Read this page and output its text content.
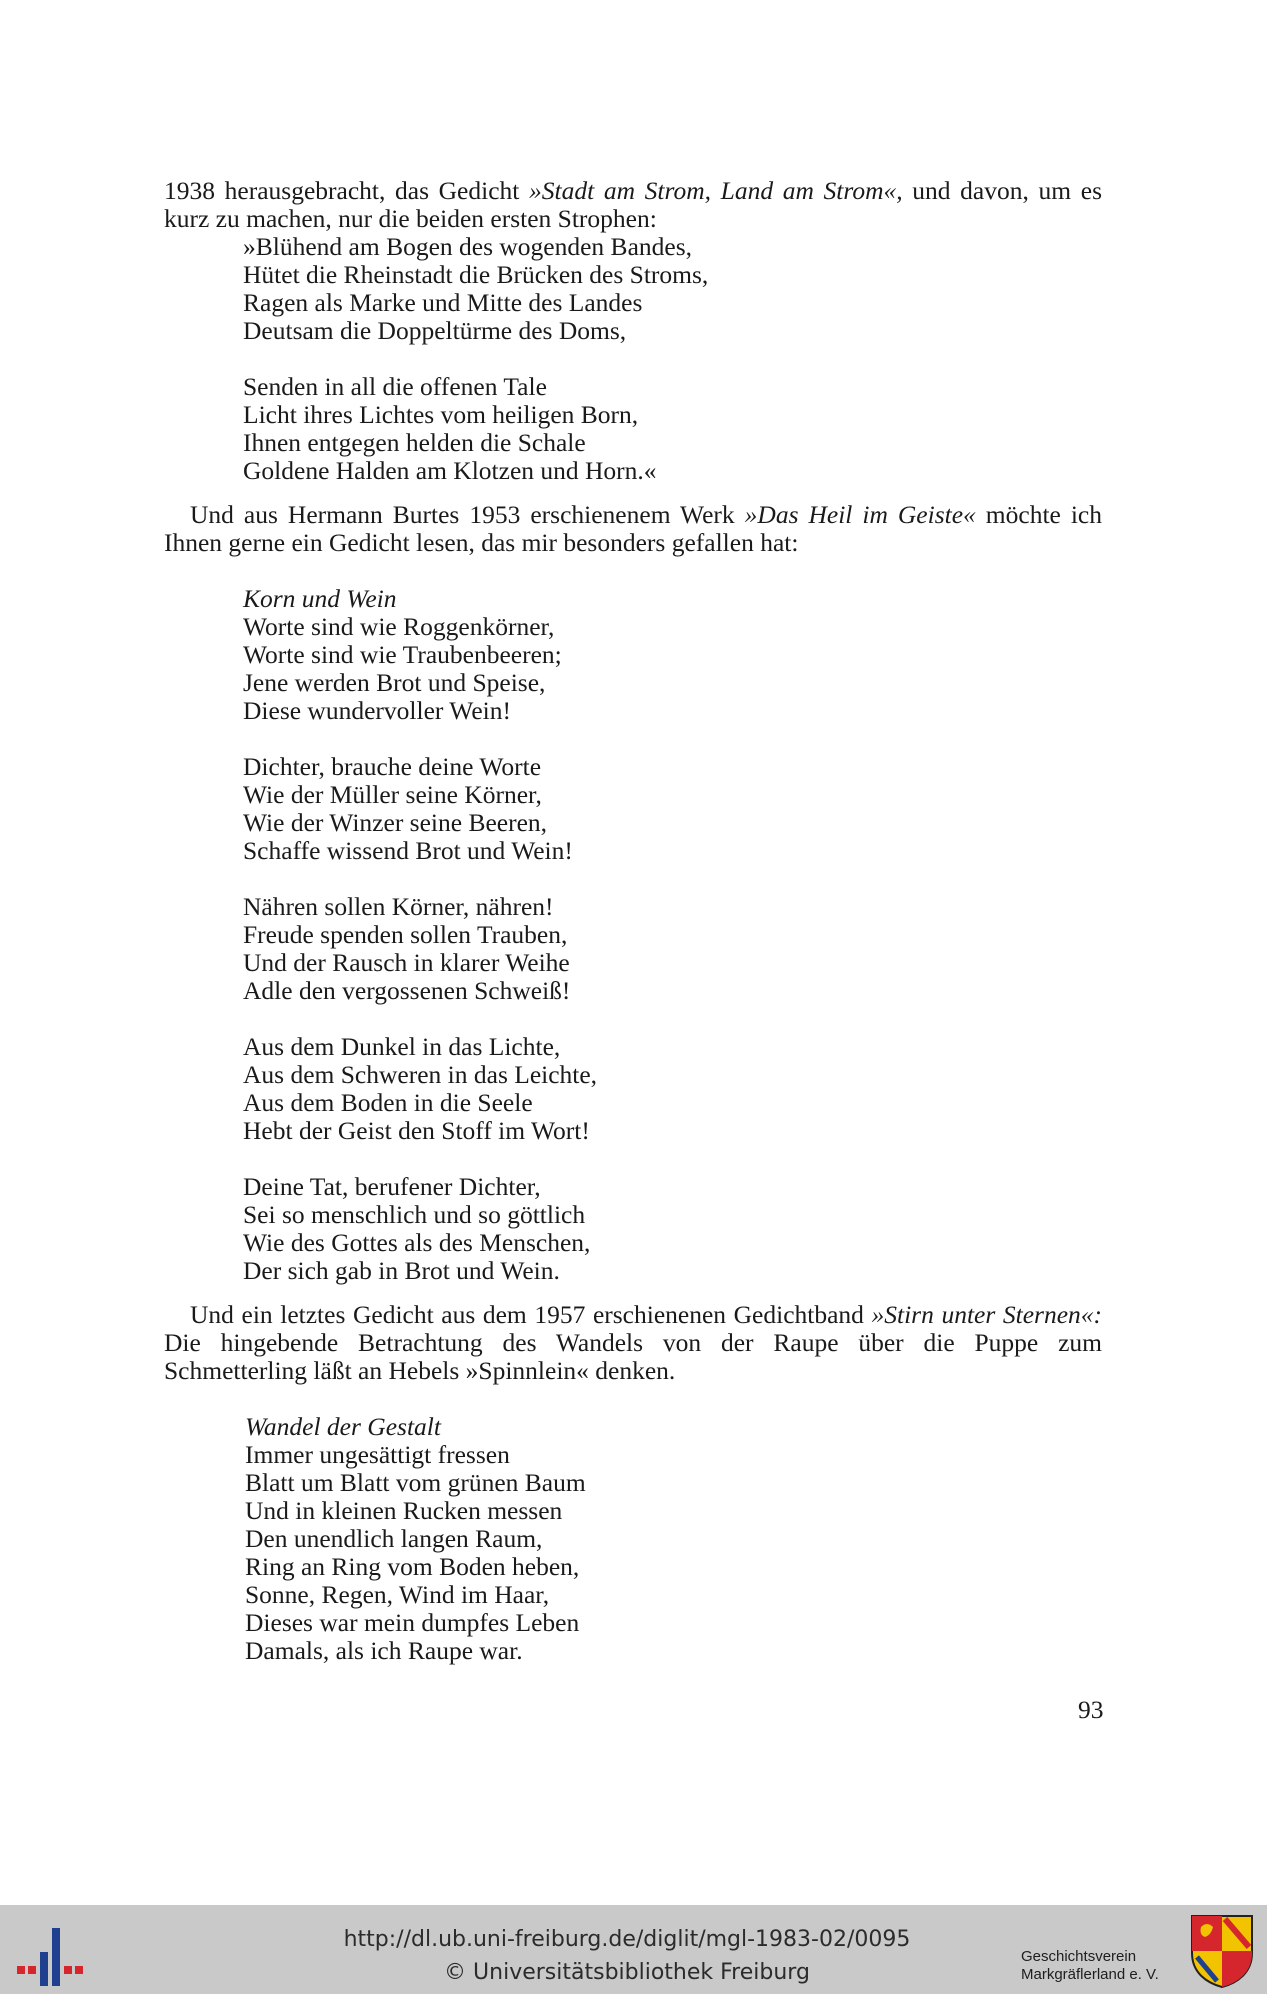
1938 herausgebracht, das Gedicht »Stadt am Strom, Land am Strom«, und davon, um es kurz zu machen, nur die beiden ersten Strophen:
»Blühend am Bogen des wogenden Bandes,
Hütet die Rheinstadt die Brücken des Stroms,
Ragen als Marke und Mitte des Landes
Deutsam die Doppeltürme des Doms,
Senden in all die offenen Tale
Licht ihres Lichtes vom heiligen Born,
Ihnen entgegen helden die Schale
Goldene Halden am Klotzen und Horn.«
Und aus Hermann Burtes 1953 erschienenem Werk »Das Heil im Geiste« möchte ich Ihnen gerne ein Gedicht lesen, das mir besonders gefallen hat:
Korn und Wein
Worte sind wie Roggenkörner,
Worte sind wie Traubenbeeren;
Jene werden Brot und Speise,
Diese wundervoller Wein!
Dichter, brauche deine Worte
Wie der Müller seine Körner,
Wie der Winzer seine Beeren,
Schaffe wissend Brot und Wein!
Nähren sollen Körner, nähren!
Freude spenden sollen Trauben,
Und der Rausch in klarer Weihe
Adle den vergossenen Schweiß!
Aus dem Dunkel in das Lichte,
Aus dem Schweren in das Leichte,
Aus dem Boden in die Seele
Hebt der Geist den Stoff im Wort!
Deine Tat, berufener Dichter,
Sei so menschlich und so göttlich
Wie des Gottes als des Menschen,
Der sich gab in Brot und Wein.
Und ein letztes Gedicht aus dem 1957 erschienenen Gedichtband »Stirn unter Sternen«: Die hingebende Betrachtung des Wandels von der Raupe über die Puppe zum Schmetterling läßt an Hebels »Spinnlein« denken.
Wandel der Gestalt
Immer ungesättigt fressen
Blatt um Blatt vom grünen Baum
Und in kleinen Rucken messen
Den unendlich langen Raum,
Ring an Ring vom Boden heben,
Sonne, Regen, Wind im Haar,
Dieses war mein dumpfes Leben
Damals, als ich Raupe war.
93
http://dl.ub.uni-freiburg.de/diglit/mgl-1983-02/0095
© Universitätsbibliothek Freiburg
Geschichtsverein
Markgräflerland e. V.
